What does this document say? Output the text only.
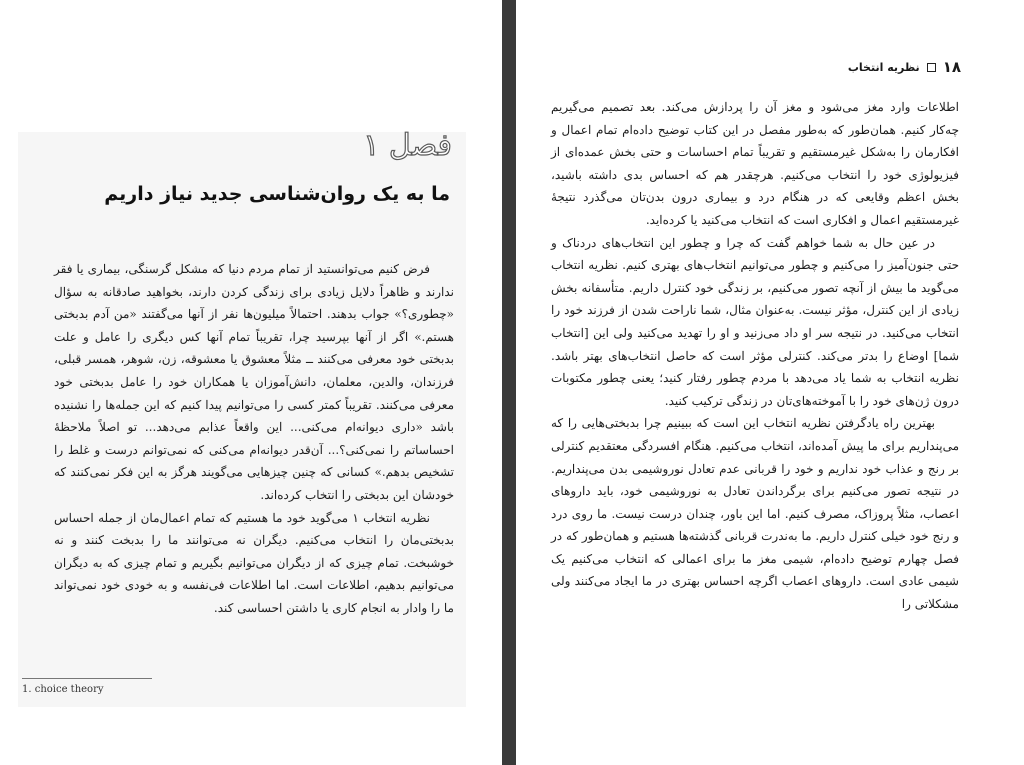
فصل ۱
ما به یک روان‌شناسی جدید نیاز داریم

فرض کنیم می‌توانستید از تمام مردم دنیا که مشکل گرسنگی، بیماری یا فقر ندارند و ظاهراً دلایل زیادی برای زندگی کردن دارند، بخواهید صادقانه به سؤال «چطوری؟» جواب بدهند. احتمالاً میلیون‌ها نفر از آنها می‌گفتند «من آدم بدبختی هستم.» اگر از آنها بپرسید چرا، تقریباً تمام آنها کس دیگری را عامل و علت بدبختی خود معرفی می‌کنند ــ مثلاً معشوق یا معشوقه، زن، شوهر، همسر قبلی، فرزندان، والدین، معلمان، دانش‌آموزان یا همکاران خود را عامل بدبختی خود معرفی می‌کنند. تقریباً کمتر کسی را می‌توانیم پیدا کنیم که این جمله‌ها را نشنیده باشد «داری دیوانه‌ام می‌کنی... این واقعاً عذابم می‌دهد... تو اصلاً ملاحظهٔ احساساتم را نمی‌کنی؟... آن‌قدر دیوانه‌ام می‌کنی که نمی‌توانم درست و غلط را تشخیص بدهم.» کسانی که چنین چیزهایی می‌گویند هرگز به این فکر نمی‌کنند که خودشان این بدبختی را انتخاب کرده‌اند.

نظریه انتخاب ۱ می‌گوید خود ما هستیم که تمام اعمال‌مان از جمله احساس بدبختی‌مان را انتخاب می‌کنیم. دیگران نه می‌توانند ما را بدبخت کنند و نه خوشبخت. تمام چیزی که از دیگران می‌توانیم بگیریم و تمام چیزی که به دیگران می‌توانیم بدهیم، اطلاعات است. اما اطلاعات فی‌نفسه و به خودی خود نمی‌تواند ما را وادار به انجام کاری یا داشتن احساسی کند.

1. choice theory
۱۸
نظریه انتخاب

اطلاعات وارد مغز می‌شود و مغز آن را پردازش می‌کند. بعد تصمیم می‌گیریم چه‌کار کنیم. همان‌طور که به‌طور مفصل در این کتاب توضیح داده‌ام تمام اعمال و افکارمان را به‌شکل غیرمستقیم و تقریباً تمام احساسات و حتی بخش عمده‌ای از فیزیولوژی خود را انتخاب می‌کنیم. هرچقدر هم که احساس بدی داشته باشید، بخش اعظم وقایعی که در هنگام درد و بیماری درون بدن‌تان می‌گذرد نتیجهٔ غیرمستقیم اعمال و افکاری است که انتخاب می‌کنید یا کرده‌اید.

در عین حال به شما خواهم گفت که چرا و چطور این انتخاب‌های دردناک و حتی جنون‌آمیز را می‌کنیم و چطور می‌توانیم انتخاب‌های بهتری کنیم. نظریه انتخاب می‌گوید ما بیش از آنچه تصور می‌کنیم، بر زندگی خود کنترل داریم. متأسفانه بخش زیادی از این کنترل، مؤثر نیست. به‌عنوان مثال، شما ناراحت شدن از فرزند خود را انتخاب می‌کنید. در نتیجه سر او داد می‌زنید و او را تهدید می‌کنید ولی این [انتخاب شما] اوضاع را بدتر می‌کند. کنترلی مؤثر است که حاصل انتخاب‌های بهتر باشد. نظریه انتخاب به شما یاد می‌دهد با مردم چطور رفتار کنید؛ یعنی چطور مکتوبات درون ژن‌های خود را با آموخته‌های‌تان در زندگی ترکیب کنید.

بهترین راه یادگرفتن نظریه انتخاب این است که ببینیم چرا بدبختی‌هایی را که می‌پنداریم برای ما پیش آمده‌اند، انتخاب می‌کنیم. هنگام افسردگی معتقدیم کنترلی بر رنج و عذاب خود نداریم و خود را قربانی عدم تعادل نوروشیمی بدن می‌پنداریم. در نتیجه تصور می‌کنیم برای برگرداندن تعادل به نوروشیمی خود، باید داروهای اعصاب، مثلاً پروزاک، مصرف کنیم. اما این باور، چندان درست نیست. ما روی درد و رنج خود خیلی کنترل داریم. ما به‌ندرت قربانی گذشته‌ها هستیم و همان‌طور که در فصل چهارم توضیح داده‌ام، شیمی مغز ما برای اعمالی که انتخاب می‌کنیم یک شیمی عادی است. داروهای اعصاب اگرچه احساس بهتری در ما ایجاد می‌کنند ولی مشکلاتی را
